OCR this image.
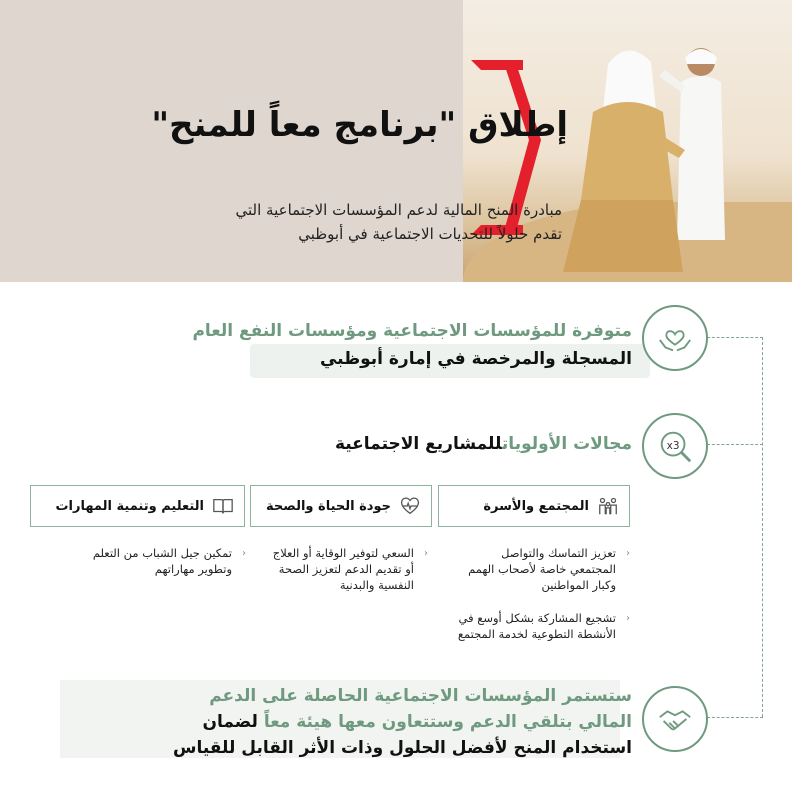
إطلاق "برنامج معاً للمنح"
مبادرة المنح المالية لدعم المؤسسات الاجتماعية التي
تقدم حلولاً للتحديات الاجتماعية في أبوظبي
متوفرة للمؤسسات الاجتماعية ومؤسسات النفع العام
المسجلة والمرخصة في إمارة أبوظبي
x3
مجالات الأولوياتللمشاريع الاجتماعية
المجتمع والأسرة
جودة الحياة والصحة
التعليم وتنمية المهارات
‹
تعزيز التماسك والتواصل المجتمعي خاصة لأصحاب الهمم وكبار المواطنين
‹
تشجيع المشاركة بشكل أوسع في الأنشطة التطوعية لخدمة المجتمع
‹
السعي لتوفير الوقاية أو العلاج أو تقديم الدعم لتعزيز الصحة النفسية والبدنية
‹
تمكين جيل الشباب من التعلم وتطوير مهاراتهم
ستستمر المؤسسات الاجتماعية الحاصلة على الدعم
المالي بتلقي الدعم وستتعاون معها هيئة معاً لضمان
استخدام المنح لأفضل الحلول وذات الأثر القابل للقياس
